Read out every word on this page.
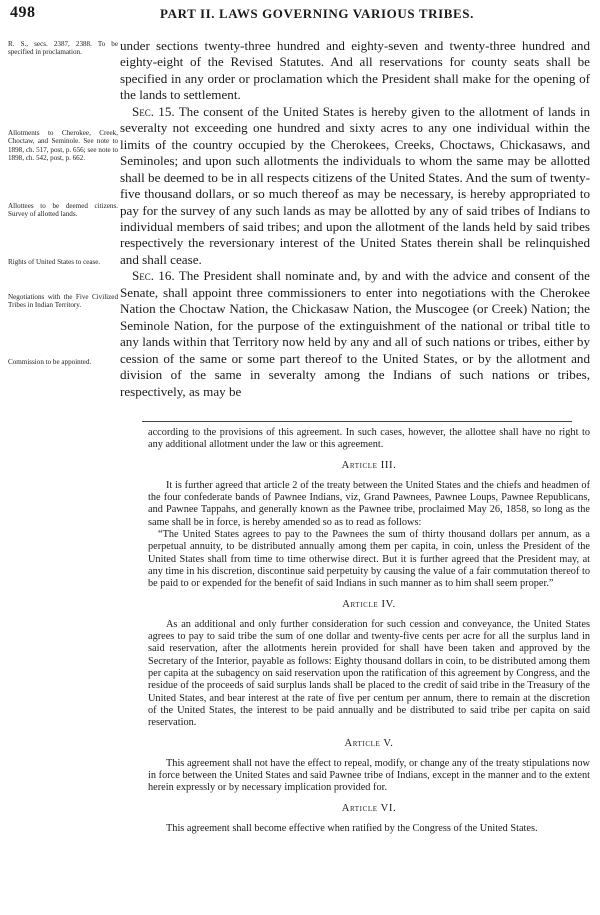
498	PART II. LAWS GOVERNING VARIOUS TRIBES.

R. S., secs. 2387, 2388. To be specified in proclamation.

Allotments to Cherokee, Creek, Choctaw, and Seminole. See note to 1898, ch. 517, post, p. 656; see note to 1898, ch. 542, post, p. 662.

Allottees to be deemed citizens. Survey of allotted lands.

Rights of United States to cease.

Negotiations with the Five Civilized Tribes in Indian Territory.

Commission to be appointed.

under sections twenty-three hundred and eighty-seven and twenty-three hundred and eighty-eight of the Revised Statutes. And all reservations for county seats shall be specified in any order or proclamation which the President shall make for the opening of the lands to settlement.

Sec. 15. The consent of the United States is hereby given to the allotment of lands in severalty not exceeding one hundred and sixty acres to any one individual within the limits of the country occupied by the Cherokees, Creeks, Choctaws, Chickasaws, and Seminoles; and upon such allotments the individuals to whom the same may be allotted shall be deemed to be in all respects citizens of the United States. And the sum of twenty-five thousand dollars, or so much thereof as may be necessary, is hereby appropriated to pay for the survey of any such lands as may be allotted by any of said tribes of Indians to individual members of said tribes; and upon the allotment of the lands held by said tribes respectively the reversionary interest of the United States therein shall be relinquished and shall cease.

Sec. 16. The President shall nominate and, by and with the advice and consent of the Senate, shall appoint three commissioners to enter into negotiations with the Cherokee Nation the Choctaw Nation, the Chickasaw Nation, the Muscogee (or Creek) Nation; the Seminole Nation, for the purpose of the extinguishment of the national or tribal title to any lands within that Territory now held by any and all of such nations or tribes, either by cession of the same or some part thereof to the United States, or by the allotment and division of the same in severalty among the Indians of such nations or tribes, respectively, as may be

according to the provisions of this agreement. In such cases, however, the allottee shall have no right to any additional allotment under the law or this agreement.

Article III.

It is further agreed that article 2 of the treaty between the United States and the chiefs and headmen of the four confederate bands of Pawnee Indians, viz, Grand Pawnees, Pawnee Loups, Pawnee Republicans, and Pawnee Tappahs, and generally known as the Pawnee tribe, proclaimed May 26, 1858, so long as the same shall be in force, is hereby amended so as to read as follows:

“The United States agrees to pay to the Pawnees the sum of thirty thousand dollars per annum, as a perpetual annuity, to be distributed annually among them per capita, in coin, unless the President of the United States shall from time to time otherwise direct. But it is further agreed that the President may, at any time in his discretion, discontinue said perpetuity by causing the value of a fair commutation thereof to be paid to or expended for the benefit of said Indians in such manner as to him shall seem proper.”

Article IV.

As an additional and only further consideration for such cession and conveyance, the United States agrees to pay to said tribe the sum of one dollar and twenty-five cents per acre for all the surplus land in said reservation, after the allotments herein provided for shall have been taken and approved by the Secretary of the Interior, payable as follows: Eighty thousand dollars in coin, to be distributed among them per capita at the subagency on said reservation upon the ratification of this agreement by Congress, and the residue of the proceeds of said surplus lands shall be placed to the credit of said tribe in the Treasury of the United States, and bear interest at the rate of five per centum per annum, there to remain at the discretion of the United States, the interest to be paid annually and be distributed to said tribe per capita on said reservation.

Article V.

This agreement shall not have the effect to repeal, modify, or change any of the treaty stipulations now in force between the United States and said Pawnee tribe of Indians, except in the manner and to the extent herein expressly or by necessary implication provided for.

Article VI.

This agreement shall become effective when ratified by the Congress of the United States.
